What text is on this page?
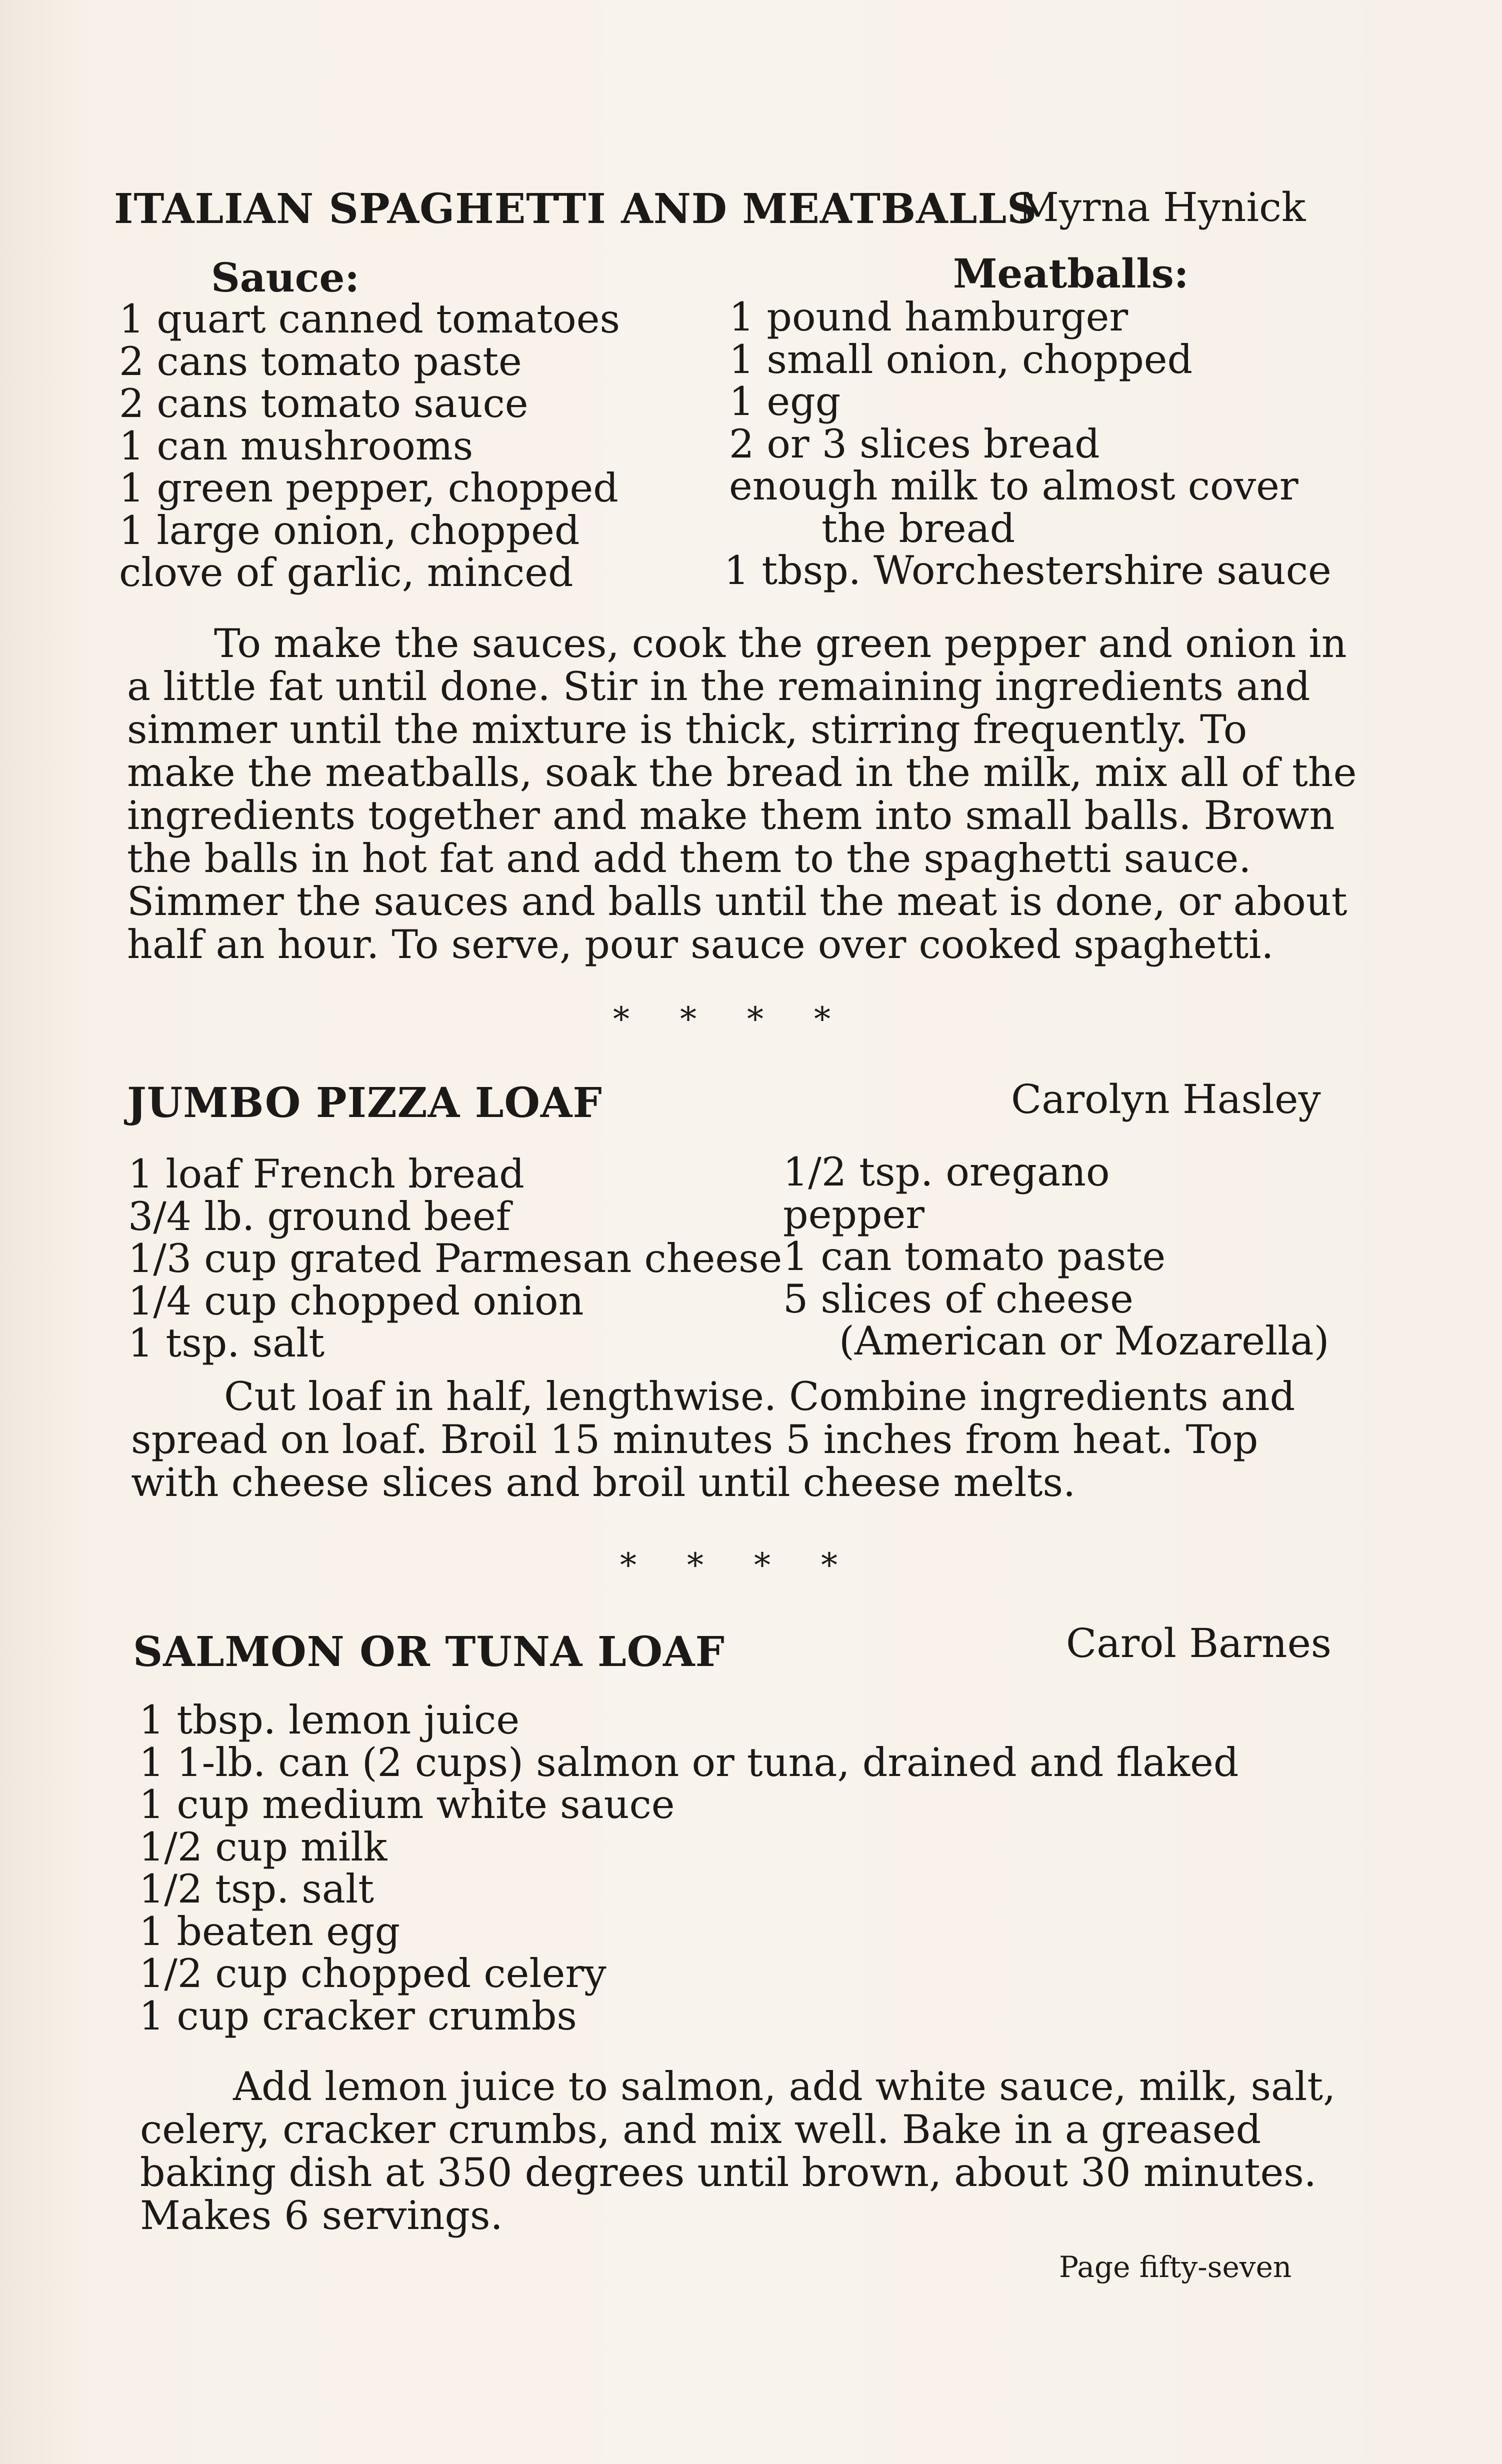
ITALIAN SPAGHETTI AND MEATBALLS
Myrna Hynick
Sauce:	Meatballs:
1 quart canned tomatoes
2 cans tomato paste
2 cans tomato sauce
1 can mushrooms
1 green pepper, chopped
1 large onion, chopped
clove of garlic, minced
1 pound hamburger
1 small onion, chopped
1 egg
2 or 3 slices bread
enough milk to almost cover
the bread
1 tbsp. Worchestershire sauce
To make the sauces, cook the green pepper and onion in
a little fat until done. Stir in the remaining ingredients and
simmer until the mixture is thick, stirring frequently. To
make the meatballs, soak the bread in the milk, mix all of the
ingredients together and make them into small balls. Brown
the balls in hot fat and add them to the spaghetti sauce.
Simmer the sauces and balls until the meat is done, or about
half an hour. To serve, pour sauce over cooked spaghetti.
* * * *
JUMBO PIZZA LOAF	Carolyn Hasley
1 loaf French bread
3/4 lb. ground beef
1/3 cup grated Parmesan cheese
1/4 cup chopped onion
1 tsp. salt
1/2 tsp. oregano
pepper
1 can tomato paste
5 slices of cheese
(American or Mozarella)
Cut loaf in half, lengthwise. Combine ingredients and
spread on loaf. Broil 15 minutes 5 inches from heat. Top
with cheese slices and broil until cheese melts.
* * * *
SALMON OR TUNA LOAF	Carol Barnes
1 tbsp. lemon juice
1 1-lb. can (2 cups) salmon or tuna, drained and flaked
1 cup medium white sauce
1/2 cup milk
1/2 tsp. salt
1 beaten egg
1/2 cup chopped celery
1 cup cracker crumbs
Add lemon juice to salmon, add white sauce, milk, salt,
celery, cracker crumbs, and mix well. Bake in a greased
baking dish at 350 degrees until brown, about 30 minutes.
Makes 6 servings.
Page fifty-seven
